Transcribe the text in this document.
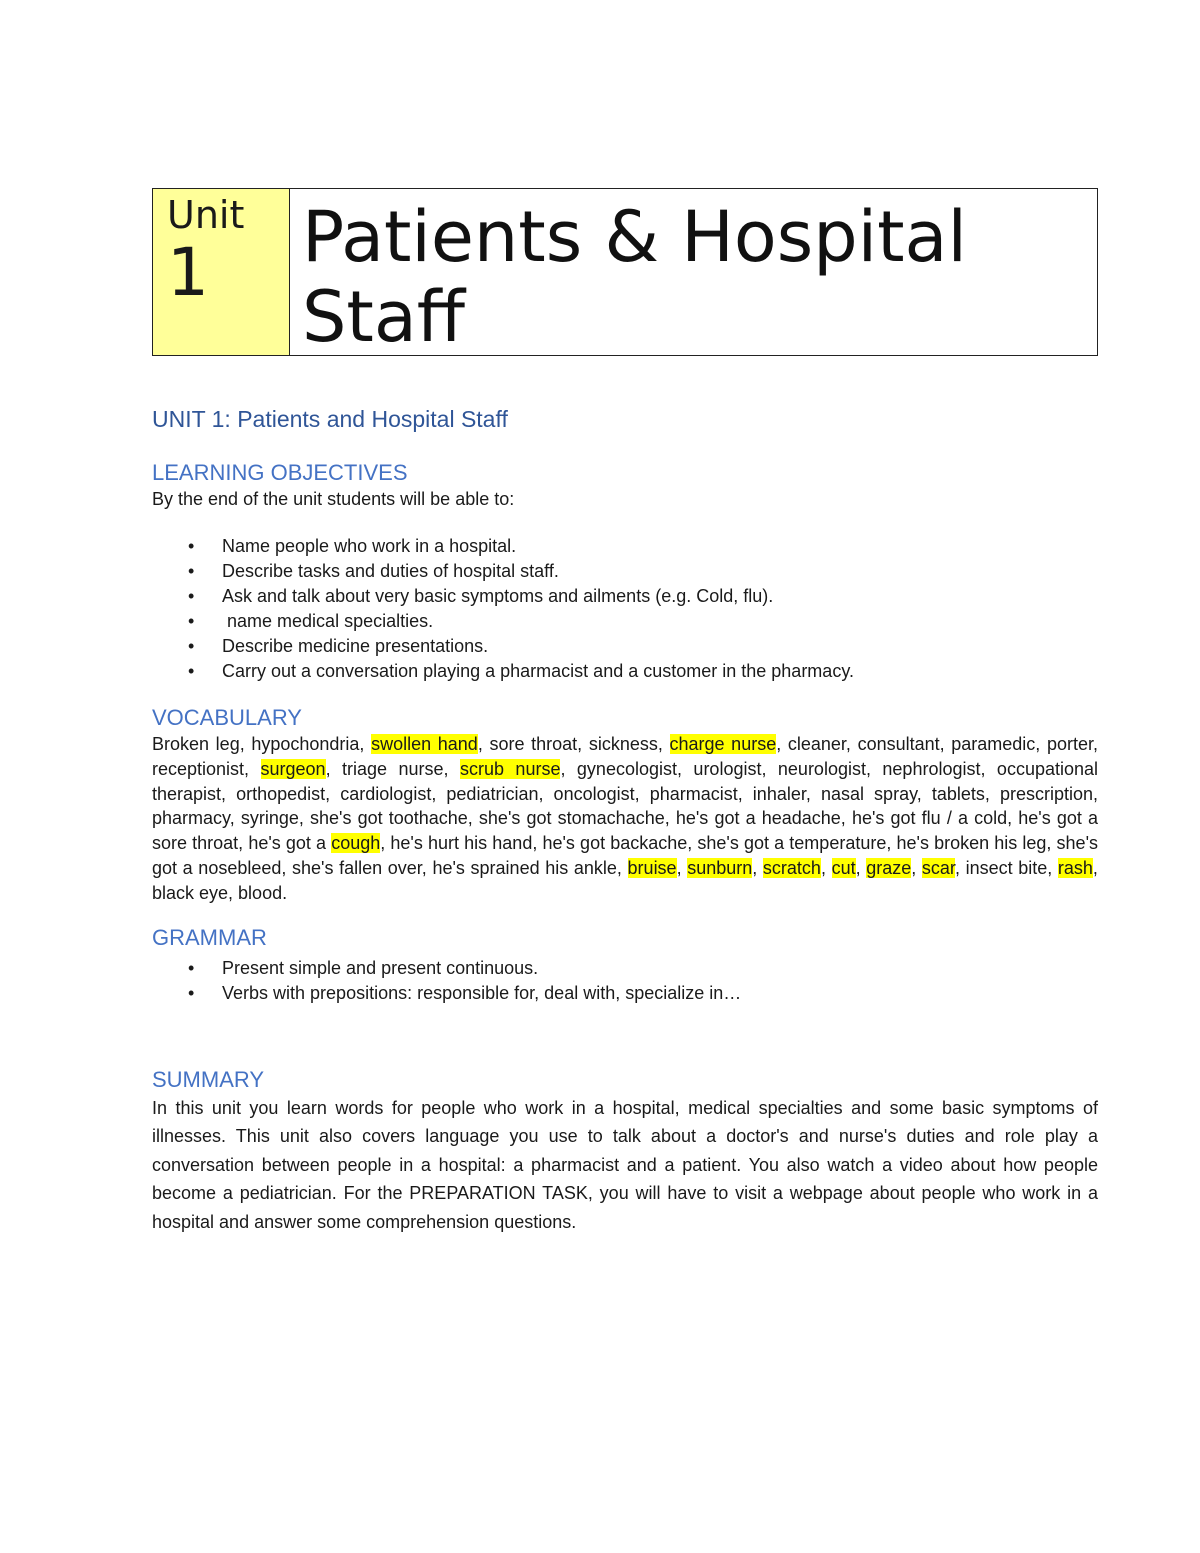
Unit
1	Patients & Hospital
Staff
UNIT 1: Patients and Hospital Staff
LEARNING OBJECTIVES

By the end of the unit students will be able to:

• Name people who work in a hospital.
• Describe tasks and duties of hospital staff.
• Ask and talk about very basic symptoms and ailments (e.g. Cold, flu).
• name medical specialties.
• Describe medicine presentations.
• Carry out a conversation playing a pharmacist and a customer in the pharmacy.
VOCABULARY

Broken leg, hypochondria, swollen hand, sore throat, sickness, charge nurse, cleaner, consultant, paramedic, porter, receptionist, surgeon, triage nurse, scrub nurse, gynecologist, urologist, neurologist, nephrologist, occupational therapist, orthopedist, cardiologist, pediatrician, oncologist, pharmacist, inhaler, nasal spray, tablets, prescription, pharmacy, syringe, she's got toothache, she's got stomachache, he's got a headache, he's got flu / a cold, he's got a sore throat, he's got a cough, he's hurt his hand, he's got backache, she's got a temperature, he's broken his leg, she's got a nosebleed, she's fallen over, he's sprained his ankle, bruise, sunburn, scratch, cut, graze, scar, insect bite, rash, black eye, blood.

GRAMMAR
• Present simple and present continuous.
• Verbs with prepositions: responsible for, deal with, specialize in…
SUMMARY

In this unit you learn words for people who work in a hospital, medical specialties and some basic symptoms of illnesses. This unit also covers language you use to talk about a doctor's and nurse's duties and role play a conversation between people in a hospital: a pharmacist and a patient. You also watch a video about how people become a pediatrician. For the PREPARATION TASK, you will have to visit a webpage about people who work in a hospital and answer some comprehension questions.
